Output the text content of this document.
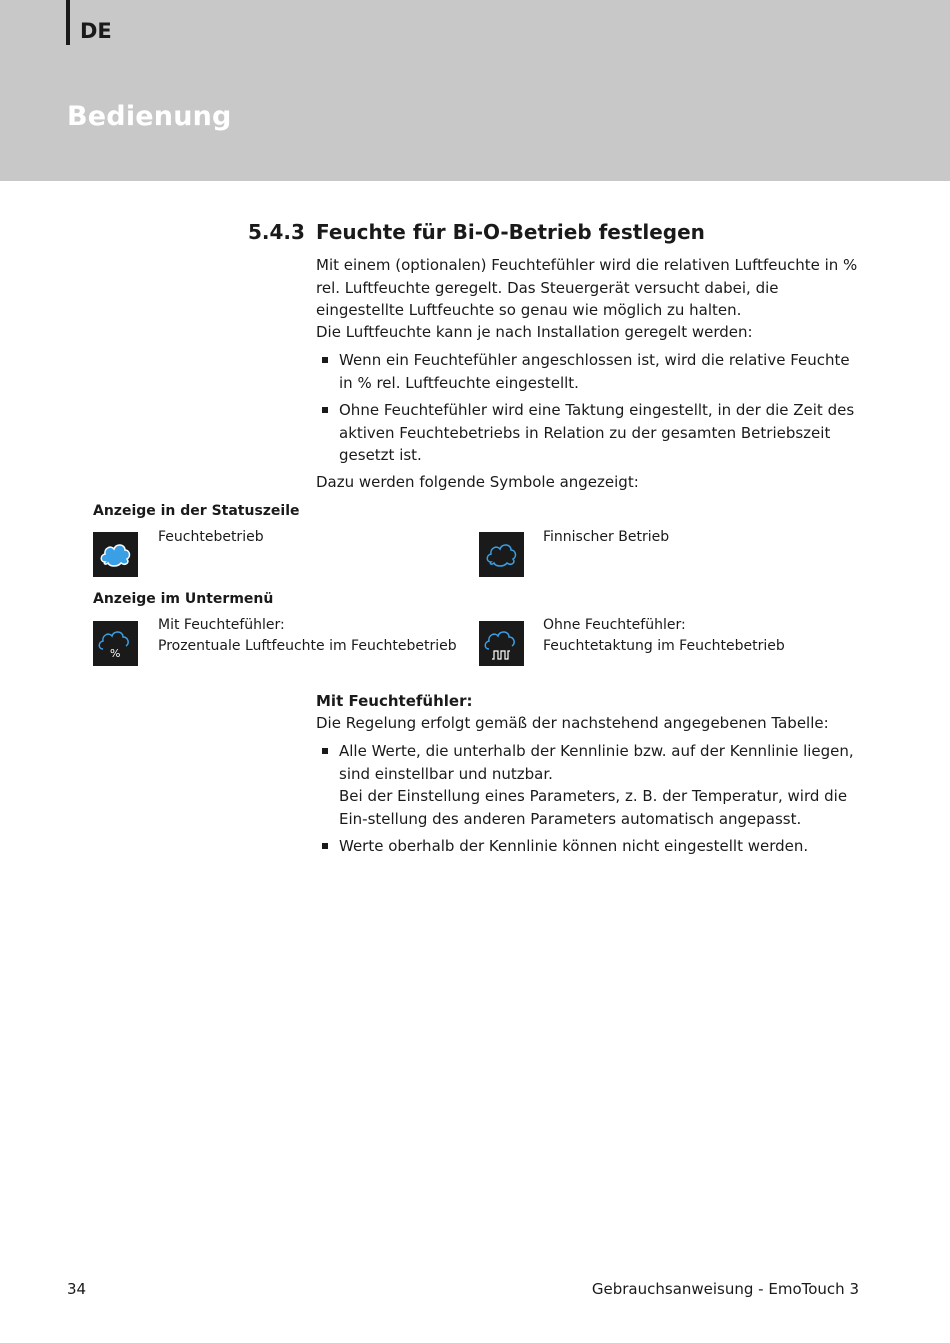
DE
Bedienung
5.4.3 Feuchte für Bi-O-Betrieb festlegen

Mit einem (optionalen) Feuchtefühler wird die relativen Luftfeuchte in % rel. Luftfeuchte geregelt. Das Steuergerät versucht dabei, die eingestellte Luftfeuchte so genau wie möglich zu halten.

Die Luftfeuchte kann je nach Installation geregelt werden:

Wenn ein Feuchtefühler angeschlossen ist, wird die relative Feuchte in % rel. Luftfeuchte eingestellt.
Ohne Feuchtefühler wird eine Taktung eingestellt, in der die Zeit des aktiven Feuchtebetriebs in Relation zu der gesamten Betriebszeit gesetzt ist.

Dazu werden folgende Symbole angezeigt:

Anzeige in der Statuszeile
Feuchtebetrieb	Finnischer Betrieb
Anzeige im Untermenü
%
Mit Feuchtefühler:
Prozentuale Luftfeuchte im Feuchtebetrieb
Ohne Feuchtefühler:
Feuchtetaktung im Feuchtebetrieb
Mit Feuchtefühler:

Die Regelung erfolgt gemäß der nachstehend angegebenen Tabelle:

Alle Werte, die unterhalb der Kennlinie bzw. auf der Kennlinie liegen, sind einstellbar und nutzbar.
Bei der Einstellung eines Parameters, z. B. der Temperatur, wird die Ein-stellung des anderen Parameters automatisch angepasst.
Werte oberhalb der Kennlinie können nicht eingestellt werden.
34	Gebrauchsanweisung - EmoTouch 3
